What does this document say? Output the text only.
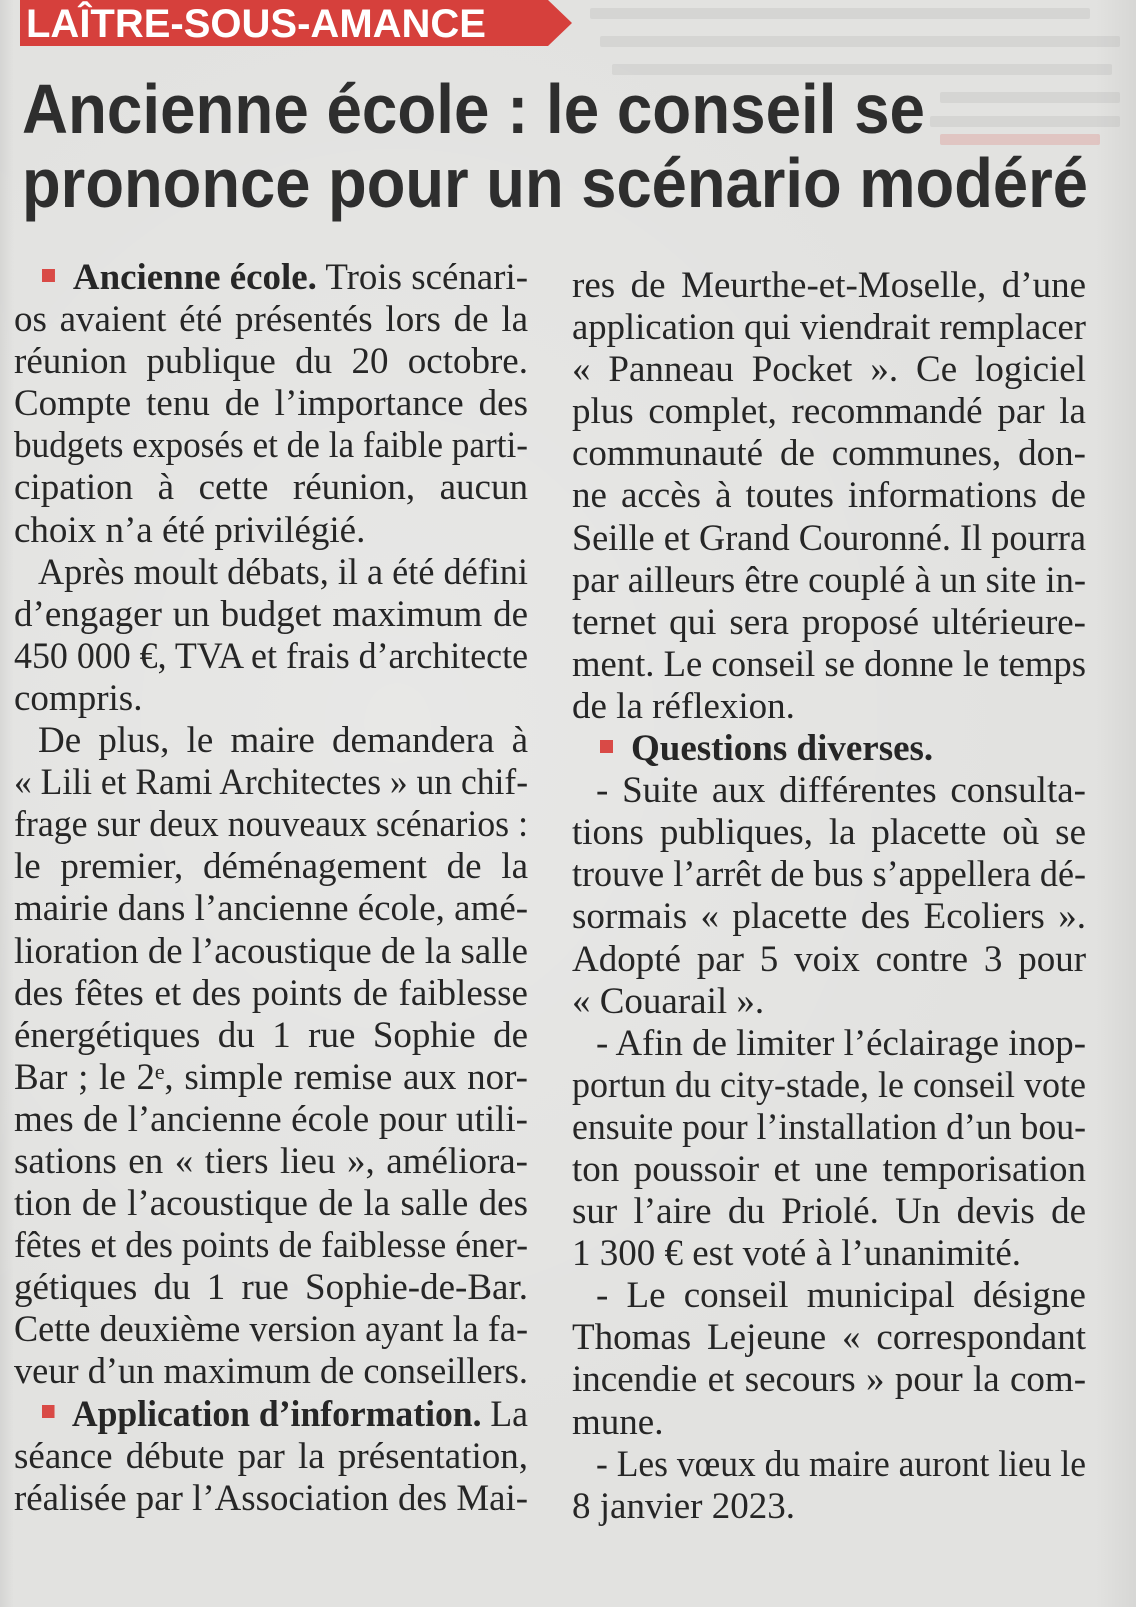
LAÎTRE-SOUS-AMANCE
Ancienne école : le conseil se
prononce pour un scénario modéré
Ancienne école. Trois scénari-
os avaient été présentés lors de la
réunion publique du 20 octobre.
Compte tenu de l’importance des
budgets exposés et de la faible parti-
cipation à cette réunion, aucun
choix n’a été privilégié.
Après moult débats, il a été défini
d’engager un budget maximum de
450 000 €, TVA et frais d’architecte
compris.
De plus, le maire demandera à
« Lili et Rami Architectes » un chif-
frage sur deux nouveaux scénarios :
le premier, déménagement de la
mairie dans l’ancienne école, amé-
lioration de l’acoustique de la salle
des fêtes et des points de faiblesse
énergétiques du 1 rue Sophie de
Bar ; le 2ᵉ, simple remise aux nor-
mes de l’ancienne école pour utili-
sations en « tiers lieu », améliora-
tion de l’acoustique de la salle des
fêtes et des points de faiblesse éner-
gétiques du 1 rue Sophie-de-Bar.
Cette deuxième version ayant la fa-
veur d’un maximum de conseillers.
Application d’information. La
séance débute par la présentation,
réalisée par l’Association des Mai-
res de Meurthe-et-Moselle, d’une
application qui viendrait remplacer
« Panneau Pocket ». Ce logiciel
plus complet, recommandé par la
communauté de communes, don-
ne accès à toutes informations de
Seille et Grand Couronné. Il pourra
par ailleurs être couplé à un site in-
ternet qui sera proposé ultérieure-
ment. Le conseil se donne le temps
de la réflexion.
Questions diverses.
- Suite aux différentes consulta-
tions publiques, la placette où se
trouve l’arrêt de bus s’appellera dé-
sormais « placette des Ecoliers ».
Adopté par 5 voix contre 3 pour
« Couarail ».
- Afin de limiter l’éclairage inop-
portun du city-stade, le conseil vote
ensuite pour l’installation d’un bou-
ton poussoir et une temporisation
sur l’aire du Priolé. Un devis de
1 300 € est voté à l’unanimité.
- Le conseil municipal désigne
Thomas Lejeune « correspondant
incendie et secours » pour la com-
mune.
- Les vœux du maire auront lieu le
8 janvier 2023.
